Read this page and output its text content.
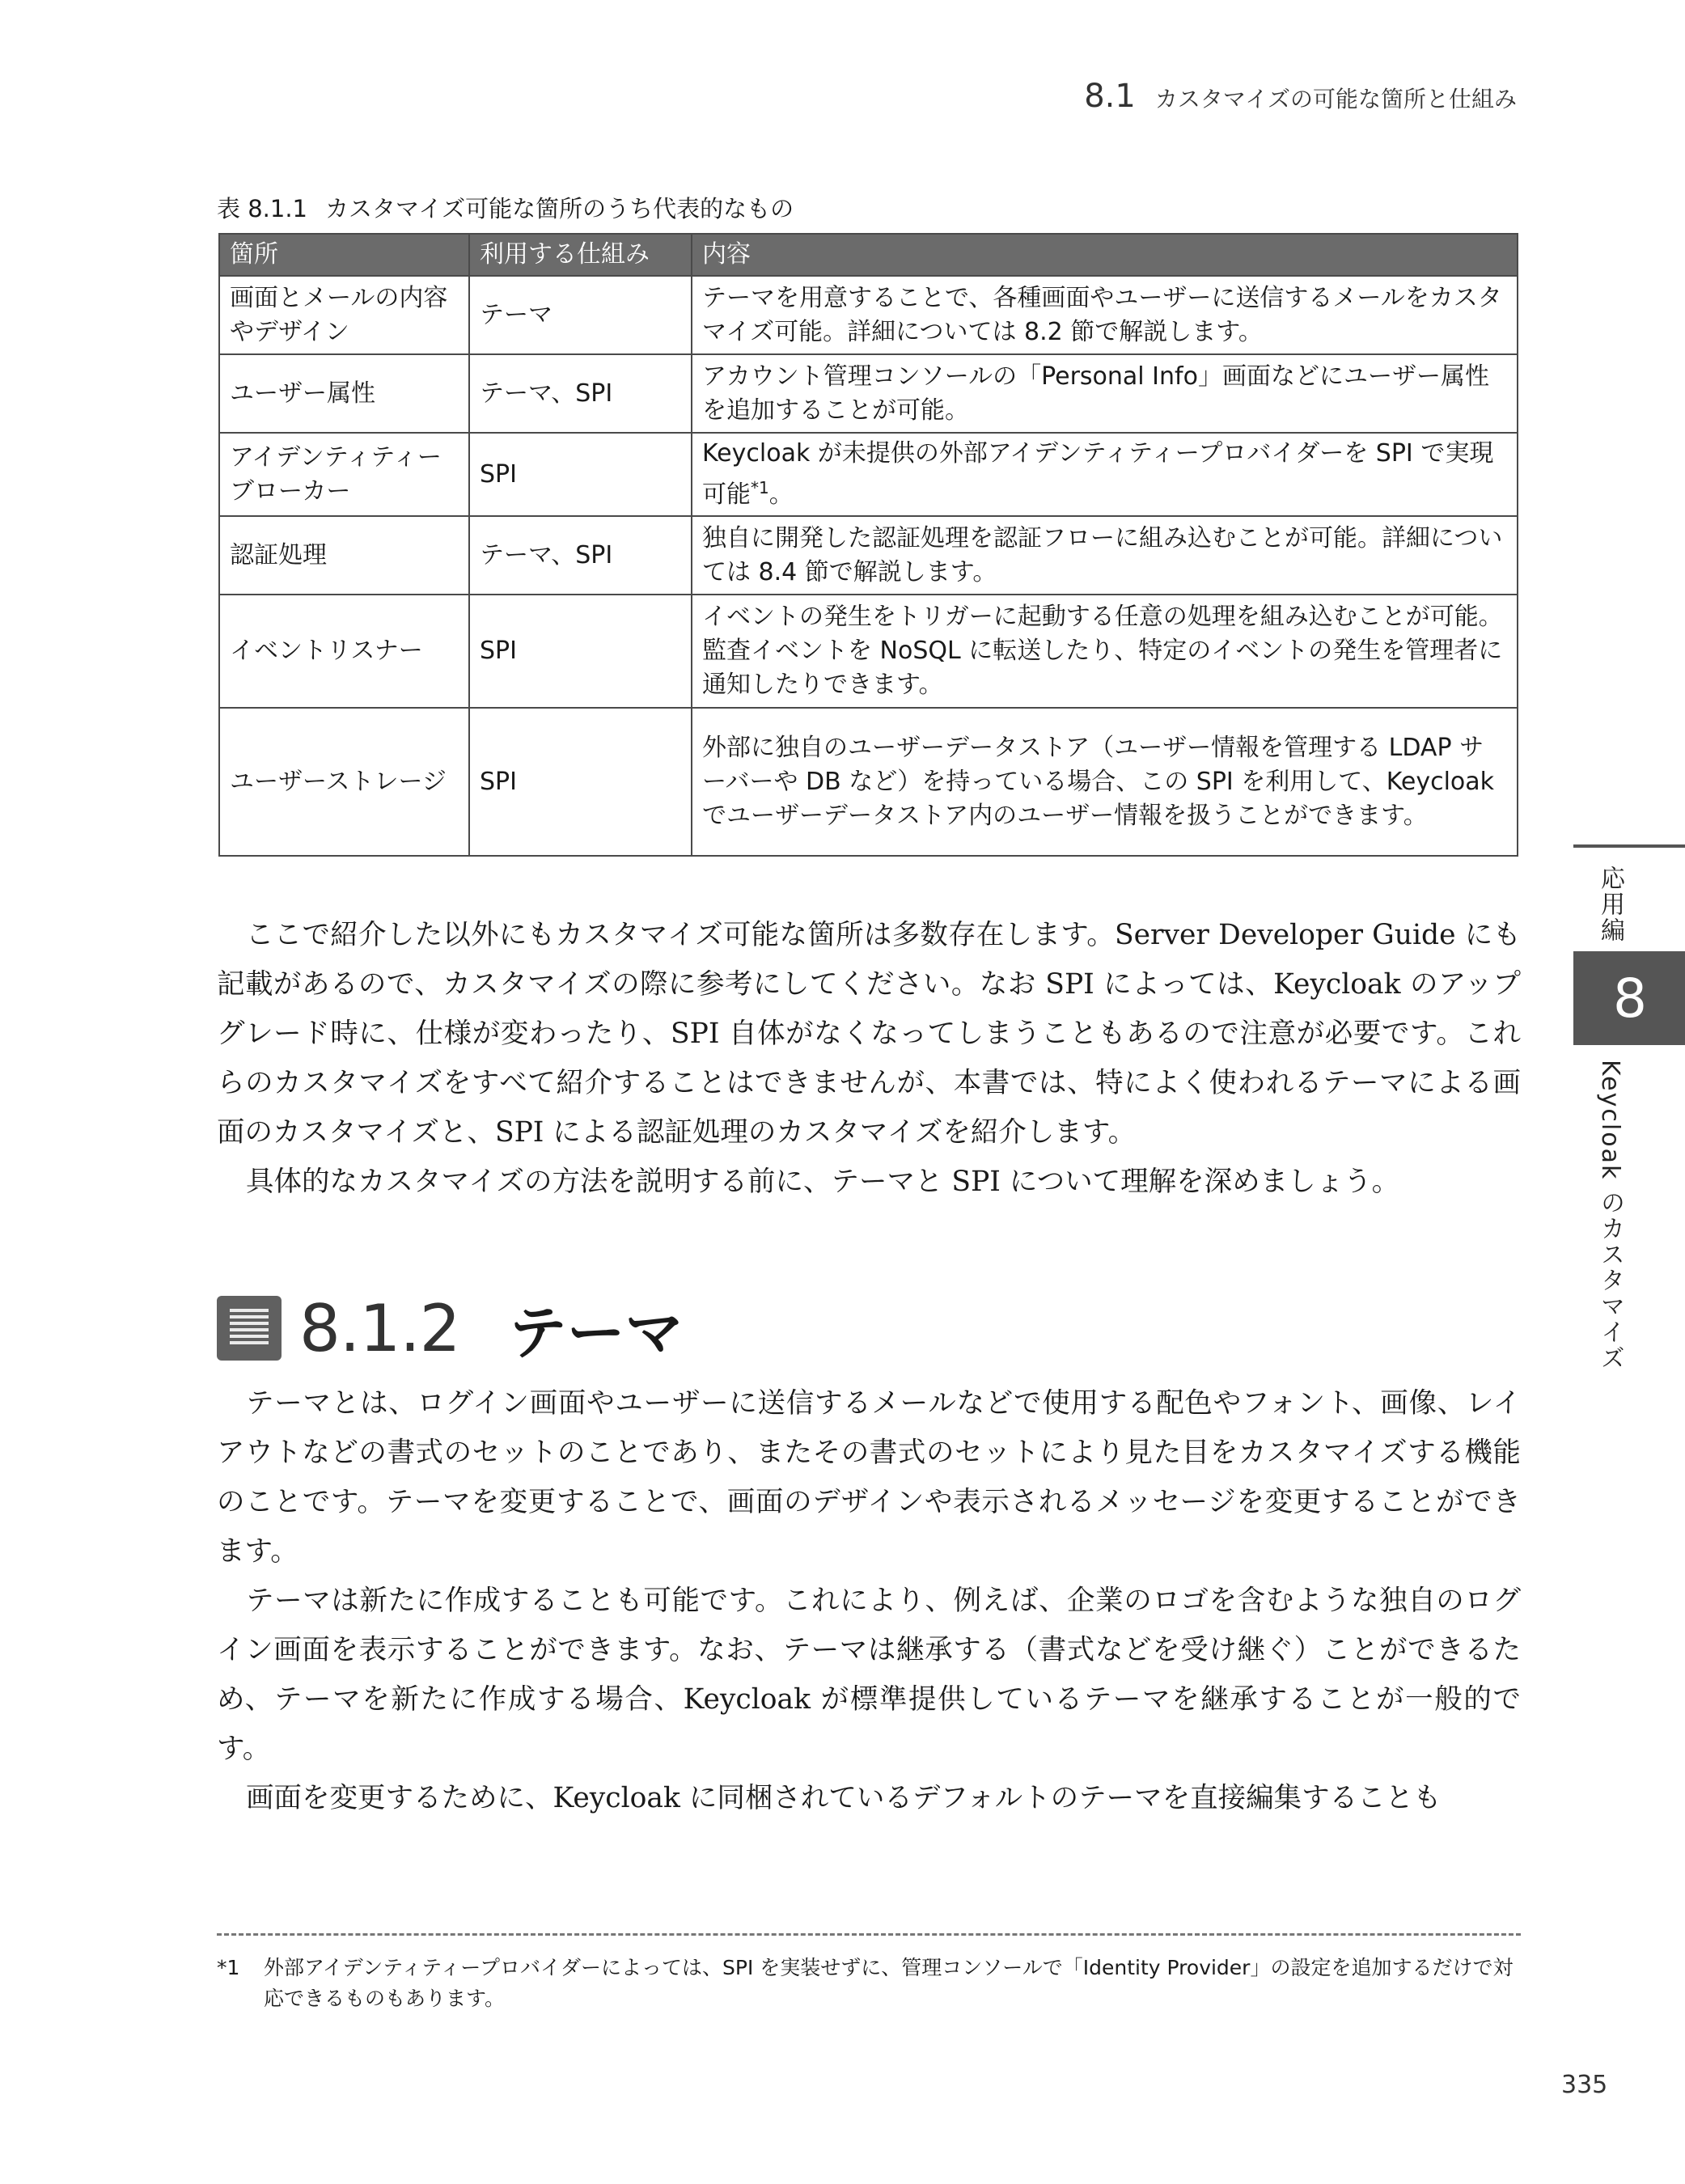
8.1 カスタマイズの可能な箇所と仕組み
表 8.1.1 カスタマイズ可能な箇所のうち代表的なもの
箇所	利用する仕組み	内容
画面とメールの内容やデザイン	テーマ	テーマを用意することで、各種画面やユーザーに送信するメールをカスタマイズ可能。詳細については 8.2 節で解説します。
ユーザー属性	テーマ、SPI	アカウント管理コンソールの「Personal Info」画面などにユーザー属性を追加することが可能。
アイデンティティーブローカー	SPI	Keycloak が未提供の外部アイデンティティープロバイダーを SPI で実現可能$^{*1}$。
認証処理	テーマ、SPI	独自に開発した認証処理を認証フローに組み込むことが可能。詳細については 8.4 節で解説します。
イベントリスナー	SPI	イベントの発生をトリガーに起動する任意の処理を組み込むことが可能。監査イベントを NoSQL に転送したり、特定のイベントの発生を管理者に通知したりできます。
ユーザーストレージ	SPI	外部に独自のユーザーデータストア（ユーザー情報を管理する LDAP サーバーや DB など）を持っている場合、この SPI を利用して、Keycloak でユーザーデータストア内のユーザー情報を扱うことができます。
応用編
8
Keycloak のカスタマイズ

ここで紹介した以外にもカスタマイズ可能な箇所は多数存在します。Server Developer Guide にも記載があるので、カスタマイズの際に参考にしてください。なお SPI によっては、Keycloak のアップグレード時に、仕様が変わったり、SPI 自体がなくなってしまうこともあるので注意が必要です。これらのカスタマイズをすべて紹介することはできませんが、本書では、特によく使われるテーマによる画面のカスタマイズと、SPI による認証処理のカスタマイズを紹介します。

具体的なカスタマイズの方法を説明する前に、テーマと SPI について理解を深めましょう。

8.1.2 テーマ

テーマとは、ログイン画面やユーザーに送信するメールなどで使用する配色やフォント、画像、レイアウトなどの書式のセットのことであり、またその書式のセットにより見た目をカスタマイズする機能のことです。テーマを変更することで、画面のデザインや表示されるメッセージを変更することができます。

テーマは新たに作成することも可能です。これにより、例えば、企業のロゴを含むような独自のログイン画面を表示することができます。なお、テーマは継承する（書式などを受け継ぐ）ことができるため、テーマを新たに作成する場合、Keycloak が標準提供しているテーマを継承することが一般的です。

画面を変更するために、Keycloak に同梱されているデフォルトのテーマを直接編集することも

*1	外部アイデンティティープロバイダーによっては、SPI を実装せずに、管理コンソールで「Identity Provider」の設定を追加するだけで対応できるものもあります。
335
